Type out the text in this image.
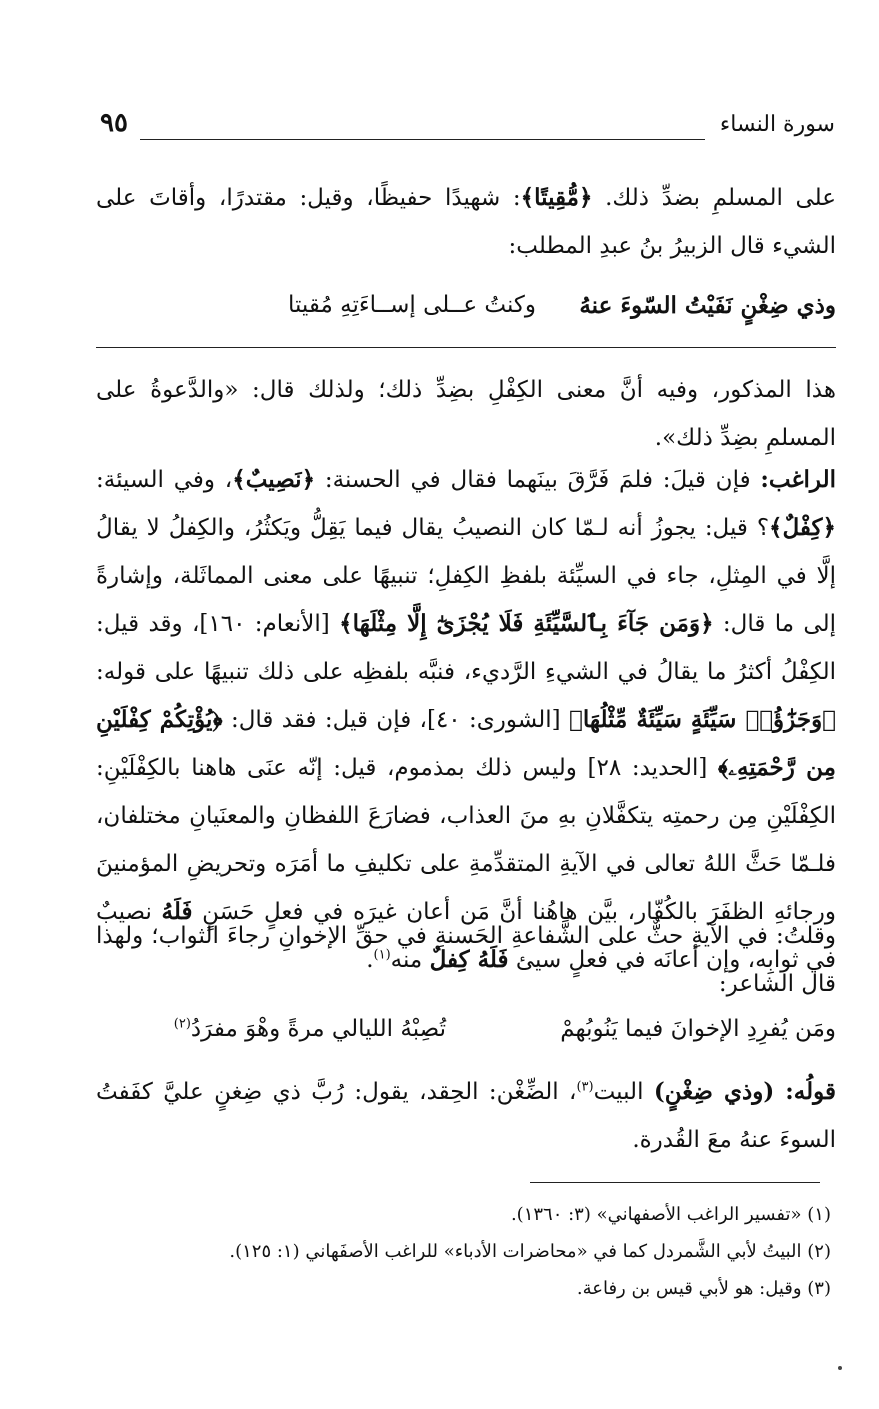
سورة النساء
٩٥
على المسلمِ بضدِّ ذلك. ﴿مُّقِيتًا﴾: شهيدًا حفيظًا، وقيل: مقتدرًا، وأقاتَ على الشيء قال الزبيرُ بنُ عبدِ المطلب:
وذي ضِغْنٍ نَفَيْتُ السّوءَ عنهُ
وكنتُ عــلى إســاءَتِهِ مُقيتا
هذا المذكور، وفيه أنَّ معنى الكِفْلِ بضِدِّ ذلك؛ ولذلك قال: «والدَّعوةُ على المسلمِ بضِدِّ ذلك».
الراغب: فإن قيلَ: فلمَ فَرَّقَ بينَهما فقال في الحسنة: ﴿نَصِيبٌ﴾، وفي السيئة: ﴿كِفْلٌ﴾؟ قيل: يجوزُ أنه لـمّا كان النصيبُ يقال فيما يَقِلُّ ويَكثُرُ، والكِفلُ لا يقالُ إلَّا في المِثلِ، جاء في السيِّئة بلفظِ الكِفلِ؛ تنبيهًا على معنى المماثَلة، وإشارةً إلى ما قال: ﴿وَمَن جَآءَ بِٱلسَّيِّئَةِ فَلَا يُجْزَىٰٓ إِلَّا مِثْلَهَا﴾ [الأنعام: ١٦٠]، وقد قيل: الكِفْلُ أكثرُ ما يقالُ في الشيءِ الرَّديء، فنبَّه بلفظِه على ذلك تنبيهًا على قوله: ﴿وَجَزَٰٓؤُا۟ سَيِّئَةٍ سَيِّئَةٌ مِّثْلُهَا﴾ [الشورى: ٤٠]، فإن قيل: فقد قال: ﴿يُؤْتِكُمْ كِفْلَيْنِ مِن رَّحْمَتِهِۦ﴾ [الحديد: ٢٨] وليس ذلك بمذموم، قيل: إنّه عنَى هاهنا بالكِفْلَيْنِ: الكِفْلَيْنِ مِن رحمتِه يتكفَّلانِ بهِ منَ العذاب، فضارَعَ اللفظانِ والمعنَيانِ مختلفان، فلـمّا حَثَّ اللهُ تعالى في الآيةِ المتقدِّمةِ على تكليفِ ما أمَرَه وتحريضِ المؤمنينَ ورجائهِ الظفَرَ بالكُفّار، بيَّن هاهُنا أنَّ مَن أعان غيرَه في فعلٍ حَسَنٍ فَلَهُ نصيبٌ في ثوابِه، وإن أعانَه في فعلٍ سيئ فَلَهُ كِفلٌ منه$^{(١)}$.
وقلتُ: في الآيةِ حثٌّ على الشَّفاعةِ الحَسنةِ في حقِّ الإخوانِ رجاءَ الثواب؛ ولهذا قال الشاعر:
ومَن يُفرِدِ الإخوانَ فيما يَنُوبُهمْ
تُصِبْهُ الليالي مرةً وهْوَ مفرَدُ$^{(٢)}$
قولُه: (وذي ضِغْنٍ) البيت$^{(٣)}$، الضِّغْن: الحِقد، يقول: رُبَّ ذي ضِغنٍ عليَّ كفَفتُ السوءَ عنهُ معَ القُدرة.
(١) «تفسير الراغب الأصفهاني» (٣: ١٣٦٠).
(٢) البيتُ لأبي الشَّمردل كما في «محاضرات الأدباء» للراغب الأصفَهاني (١: ١٢٥).
(٣) وقيل: هو لأبي قيس بن رفاعة.
